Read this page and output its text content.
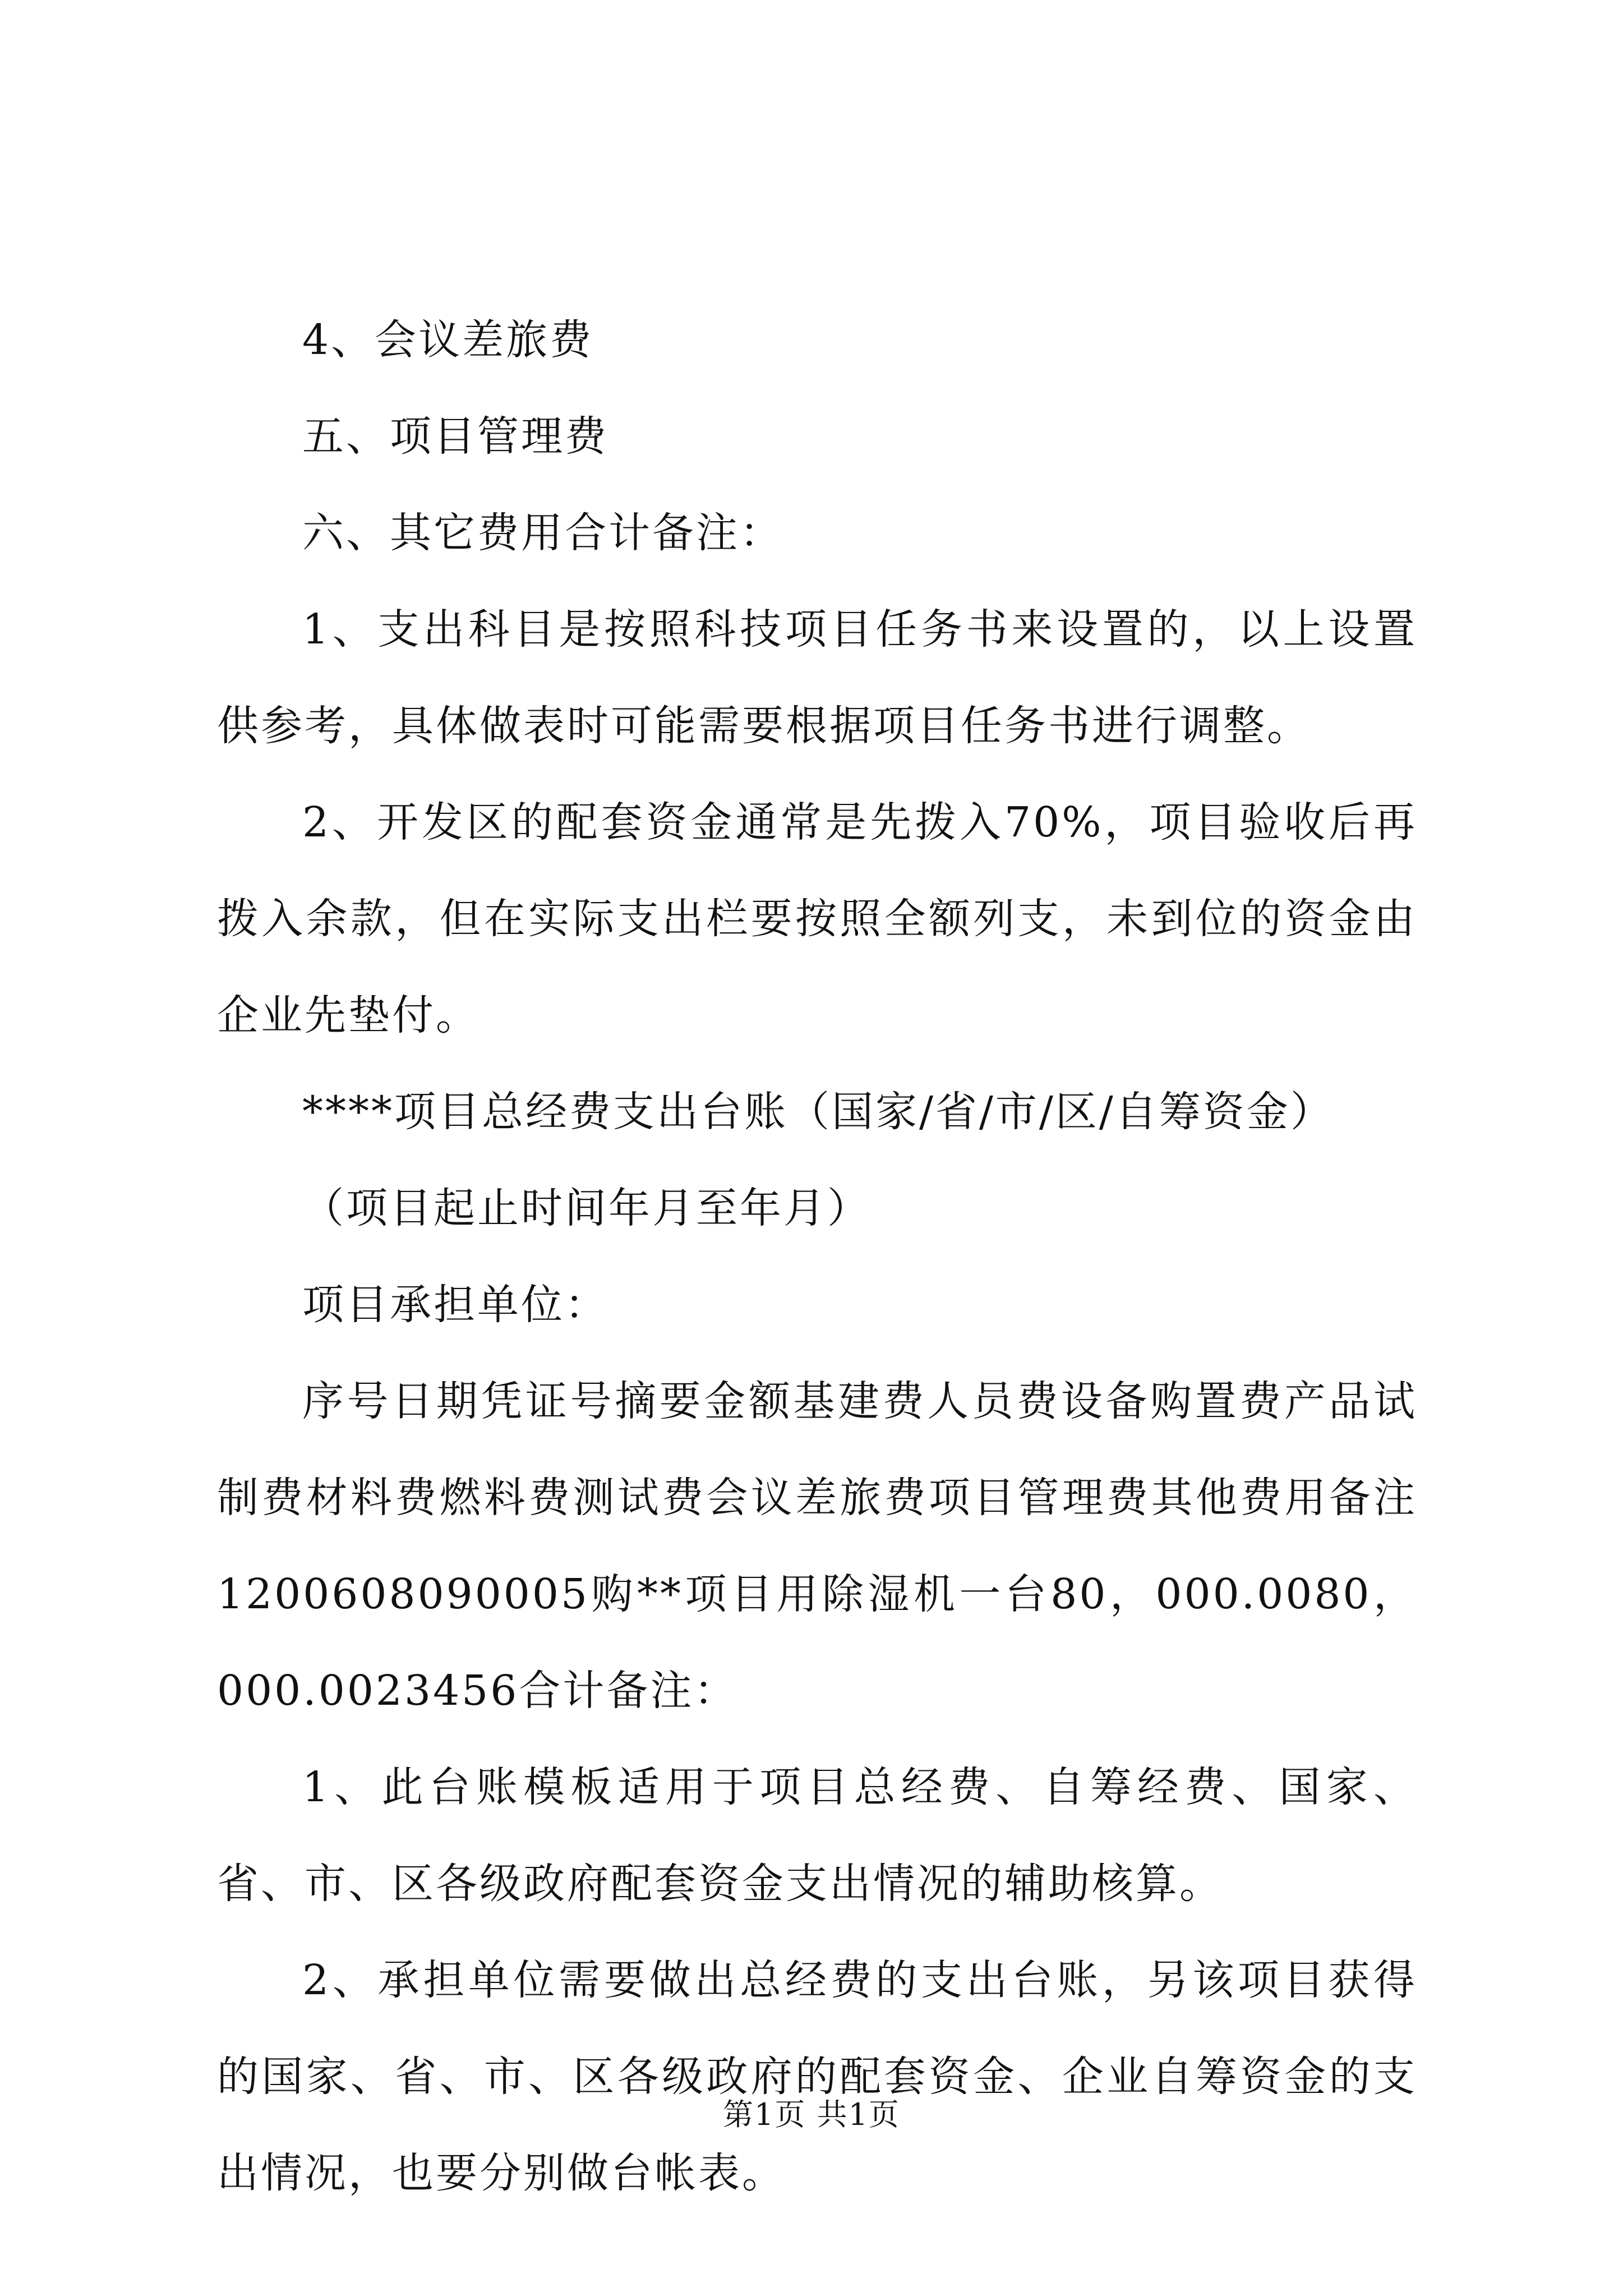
4、会议差旅费

五、项目管理费

六、其它费用合计备注：

1、支出科目是按照科技项目任务书来设置的，以上设置供参考，具体做表时可能需要根据项目任务书进行调整。

2、开发区的配套资金通常是先拨入70%，项目验收后再拨入余款，但在实际支出栏要按照全额列支，未到位的资金由企业先垫付。

****项目总经费支出台账（国家/省/市/区/自筹资金）

（项目起止时间年月至年月）

项目承担单位：

序号日期凭证号摘要金额基建费人员费设备购置费产品试制费材料费燃料费测试费会议差旅费项目管理费其他费用备注1200608090005购**项目用除湿机一台80，000.0080，000.0023456合计备注：

1、此台账模板适用于项目总经费、自筹经费、国家、省、市、区各级政府配套资金支出情况的辅助核算。

2、承担单位需要做出总经费的支出台账，另该项目获得的国家、省、市、区各级政府的配套资金、企业自筹资金的支出情况，也要分别做台帐表。

第1页 共1页
